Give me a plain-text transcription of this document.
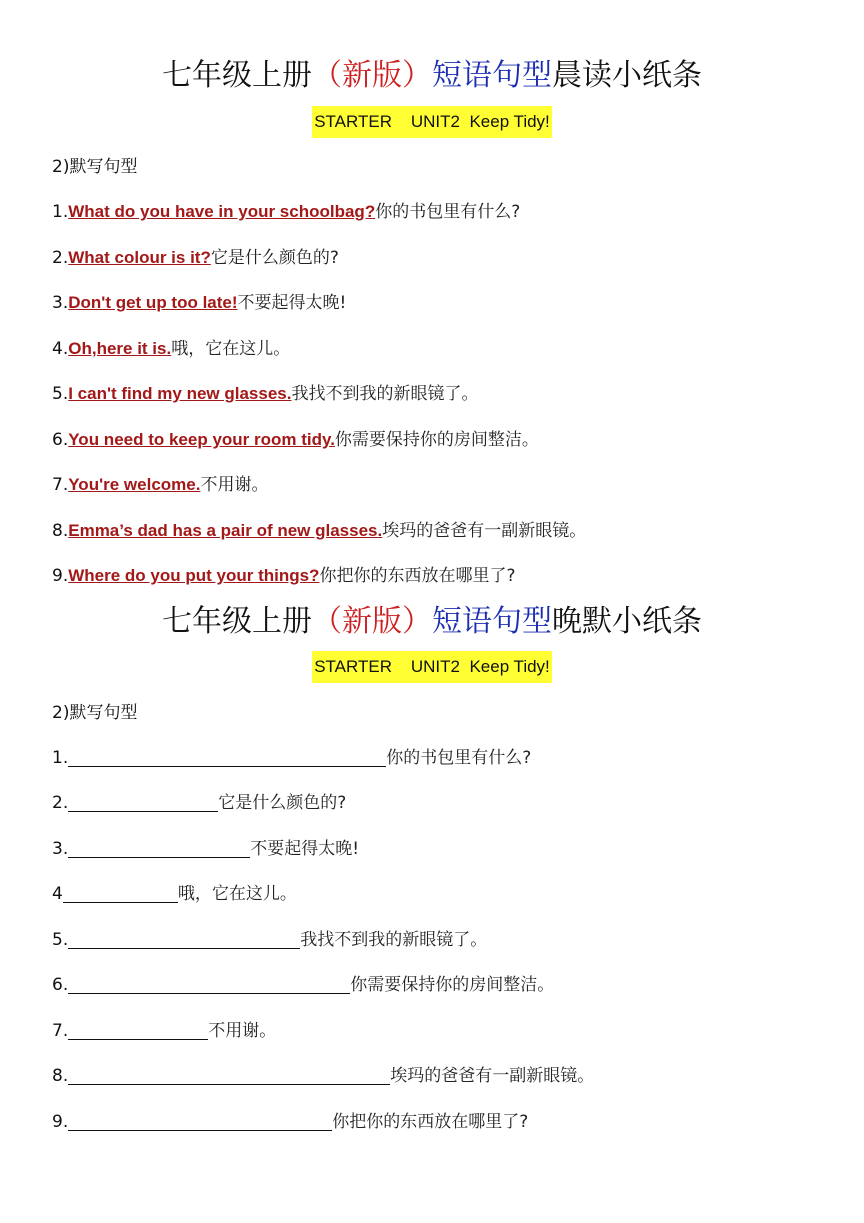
七年级上册（新版）短语句型晨读小纸条
STARTER    UNIT2  Keep Tidy!
2)默写句型
1.What do you have in your schoolbag?你的书包里有什么?
2.What colour is it?它是什么颜色的?
3.Don't get up too late!不要起得太晚!
4.Oh,here it is.哦，它在这儿。
5.I can't find my new glasses.我找不到我的新眼镜了。
6.You need to keep your room tidy.你需要保持你的房间整洁。
7.You're welcome.不用谢。
8.Emma’s dad has a pair of new glasses.埃玛的爸爸有一副新眼镜。
9.Where do you put your things?你把你的东西放在哪里了?
七年级上册（新版）短语句型晚默小纸条
STARTER    UNIT2  Keep Tidy!
2)默写句型
1.	你的书包里有什么?
2.	它是什么颜色的?
3.	不要起得太晚!
4	哦，它在这儿。
5.	我找不到我的新眼镜了。
6.	你需要保持你的房间整洁。
7.	不用谢。
8.	埃玛的爸爸有一副新眼镜。
9.	你把你的东西放在哪里了?
